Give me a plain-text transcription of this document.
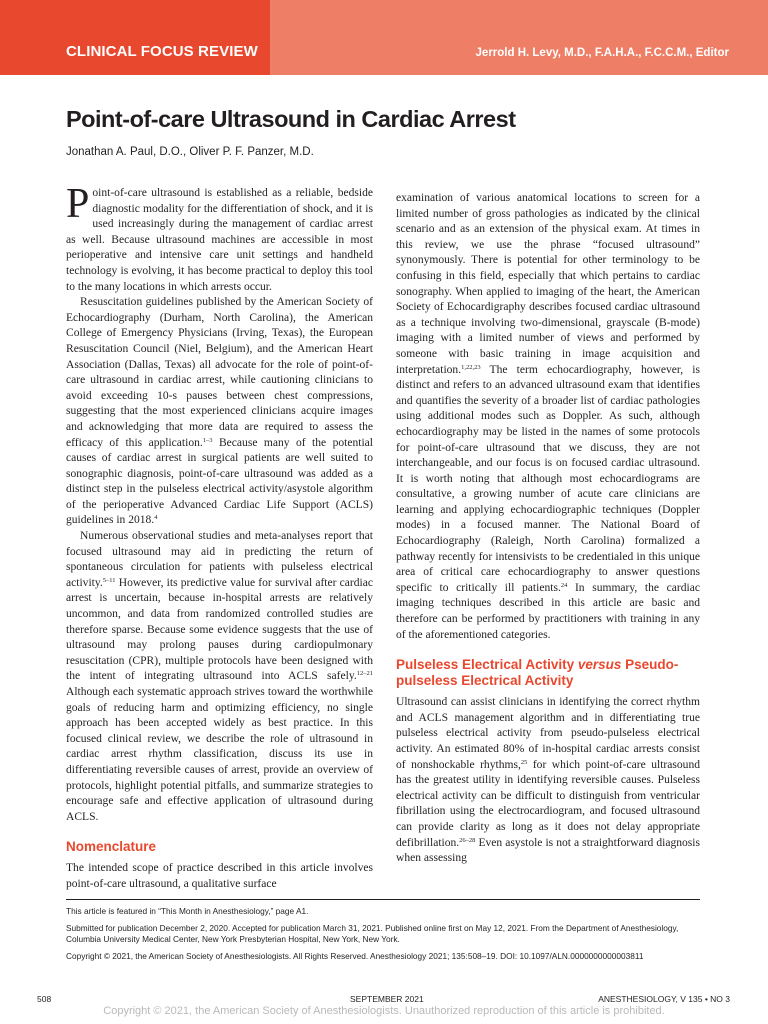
CLINICAL FOCUS REVIEW	Jerrold H. Levy, M.D., F.A.H.A., F.C.C.M., Editor
Point-of-care Ultrasound in Cardiac Arrest
Jonathan A. Paul, D.O., Oliver P. F. Panzer, M.D.

Point-of-care ultrasound is established as a reliable, bedside diagnostic modality for the differentiation of shock, and it is used increasingly during the management of cardiac arrest as well. Because ultrasound machines are accessible in most perioperative and intensive care unit settings and handheld technology is evolving, it has become practical to deploy this tool to the many locations in which arrests occur.

Resuscitation guidelines published by the American Society of Echocardiography (Durham, North Carolina), the American College of Emergency Physicians (Irving, Texas), the European Resuscitation Council (Niel, Belgium), and the American Heart Association (Dallas, Texas) all advocate for the role of point-of-care ultrasound in cardiac arrest, while cautioning clinicians to avoid exceeding 10-s pauses between chest compressions, suggesting that the most experienced clinicians acquire images and acknowledging that more data are required to assess the efficacy of this application.$^{1-3}$ Because many of the potential causes of cardiac arrest in surgical patients are well suited to sonographic diagnosis, point-of-care ultrasound was added as a distinct step in the pulseless electrical activity/asystole algorithm of the perioperative Advanced Cardiac Life Support (ACLS) guidelines in 2018.$^4$

Numerous observational studies and meta-analyses report that focused ultrasound may aid in predicting the return of spontaneous circulation for patients with pulseless electrical activity.$^{5-11}$ However, its predictive value for survival after cardiac arrest is uncertain, because in-hospital arrests are relatively uncommon, and data from randomized controlled studies are therefore sparse. Because some evidence suggests that the use of ultrasound may prolong pauses during cardiopulmonary resuscitation (CPR), multiple protocols have been designed with the intent of integrating ultrasound into ACLS safely.$^{12-21}$ Although each systematic approach strives toward the worthwhile goals of reducing harm and optimizing efficiency, no single approach has been accepted widely as best practice. In this focused clinical review, we describe the role of ultrasound in cardiac arrest rhythm classification, discuss its use in differentiating reversible causes of arrest, provide an overview of protocols, highlight potential pitfalls, and summarize strategies to encourage safe and effective application of ultrasound during ACLS.

Nomenclature

The intended scope of practice described in this article involves point-of-care ultrasound, a qualitative surface

examination of various anatomical locations to screen for a limited number of gross pathologies as indicated by the clinical scenario and as an extension of the physical exam. At times in this review, we use the phrase “focused ultrasound” synonymously. There is potential for other terminology to be confusing in this field, especially that which pertains to cardiac sonography. When applied to imaging of the heart, the American Society of Echocardigraphy describes focused cardiac ultrasound as a technique involving two-dimensional, grayscale (B-mode) imaging with a limited number of views and performed by someone with basic training in image acquisition and interpretation.$^{1,22,23}$ The term echocardiography, however, is distinct and refers to an advanced ultrasound exam that identifies and quantifies the severity of a broader list of cardiac pathologies using additional modes such as Doppler. As such, although echocardiography may be listed in the names of some protocols for point-of-care ultrasound that we discuss, they are not interchangeable, and our focus is on focused cardiac ultrasound. It is worth noting that although most echocardiograms are consultative, a growing number of acute care clinicians are learning and applying echocardiographic techniques (Doppler modes) in a focused manner. The National Board of Echocardiography (Raleigh, North Carolina) formalized a pathway recently for intensivists to be credentialed in this unique area of critical care echocardiography to answer questions specific to critically ill patients.$^{24}$ In summary, the cardiac imaging techniques described in this article are basic and therefore can be performed by practitioners with training in any of the aforementioned categories.

Pulseless Electrical Activity versus Pseudo-pulseless Electrical Activity

Ultrasound can assist clinicians in identifying the correct rhythm and ACLS management algorithm and in differentiating true pulseless electrical activity from pseudo-pulseless electrical activity. An estimated 80% of in-hospital cardiac arrests consist of nonshockable rhythms,$^{25}$ for which point-of-care ultrasound has the greatest utility in identifying reversible causes. Pulseless electrical activity can be difficult to distinguish from ventricular fibrillation using the electrocardiogram, and focused ultrasound can provide clarity as long as it does not delay appropriate defibrillation.$^{26-28}$ Even asystole is not a straightforward diagnosis when assessing

This article is featured in “This Month in Anesthesiology,” page A1.

Submitted for publication December 2, 2020. Accepted for publication March 31, 2021. Published online first on May 12, 2021. From the Department of Anesthesiology, Columbia University Medical Center, New York Presbyterian Hospital, New York, New York.

Copyright © 2021, the American Society of Anesthesiologists. All Rights Reserved. Anesthesiology 2021; 135:508–19. DOI: 10.1097/ALN.0000000000003811

508	SEPTEMBER 2021	ANESTHESIOLOGY, V 135 • NO 3
Copyright © 2021, the American Society of Anesthesiologists. Unauthorized reproduction of this article is prohibited.
